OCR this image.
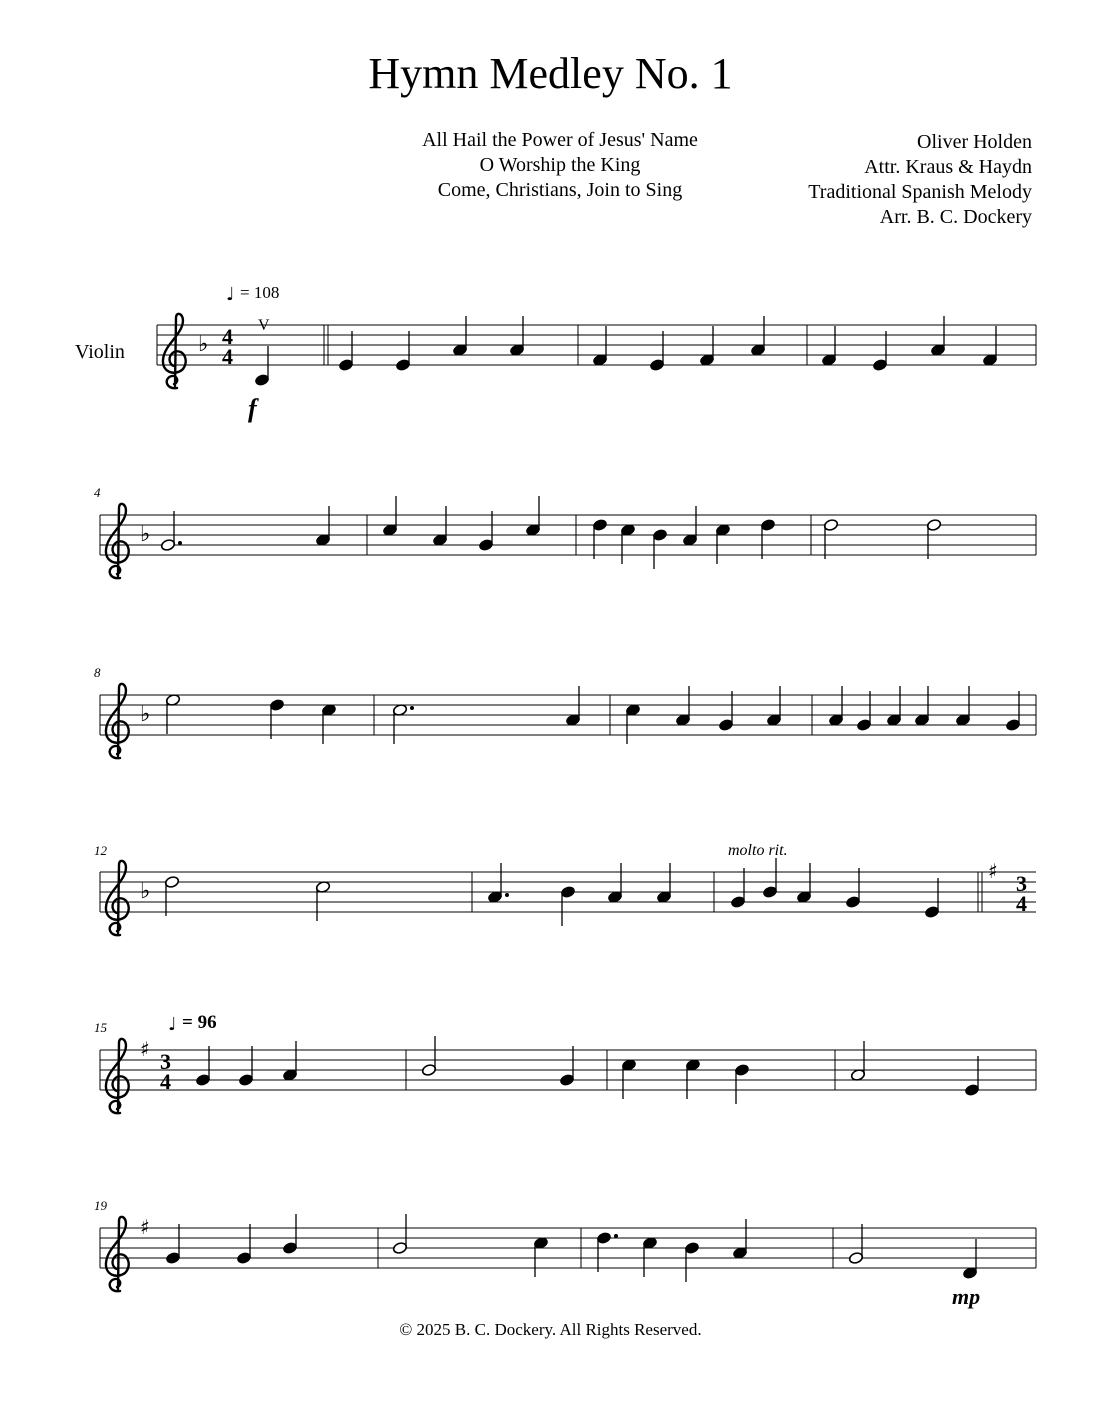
Hymn Medley No. 1
All Hail the Power of Jesus' Name
O Worship the King
Come, Christians, Join to Sing
Oliver Holden
Attr. Kraus & Haydn
Traditional Spanish Melody
Arr. B. C. Dockery
Violin	♭ 4
4
♩ = 108
V
f
♭
4
♭
8
♭
♯ 3
4
molto rit.
12
♯ 3
4
♩ = 96
15
♯
mp
19
© 2025 B. C. Dockery. All Rights Reserved.
